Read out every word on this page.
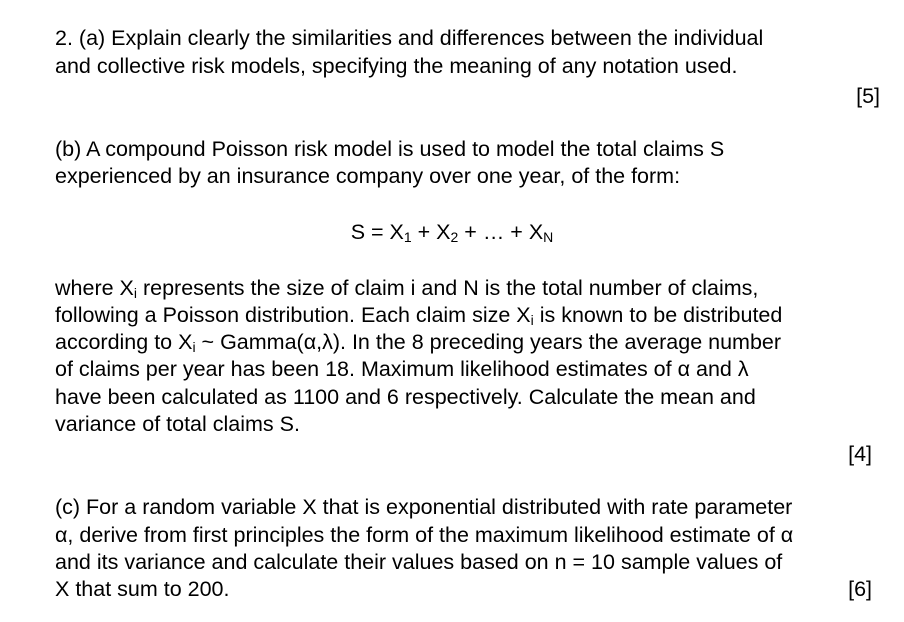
2. (a) Explain clearly the similarities and differences between the individual

and collective risk models, specifying the meaning of any notation used.

[5]

(b) A compound Poisson risk model is used to model the total claims S

experienced by an insurance company over one year, of the form:

$S = X_1 + X_2$ + … + $X_N$

where $X_i$ represents the size of claim i and N is the total number of claims,

following a Poisson distribution. Each claim size $X_i$ is known to be distributed

according to $X_i$ ~ Gamma(α,λ). In the 8 preceding years the average number

of claims per year has been 18. Maximum likelihood estimates of α and λ

have been calculated as 1100 and 6 respectively. Calculate the mean and

variance of total claims S.

[4]

(c) For a random variable X that is exponential distributed with rate parameter

α, derive from first principles the form of the maximum likelihood estimate of α

and its variance and calculate their values based on n = 10 sample values of

X that sum to 200.	[6]
